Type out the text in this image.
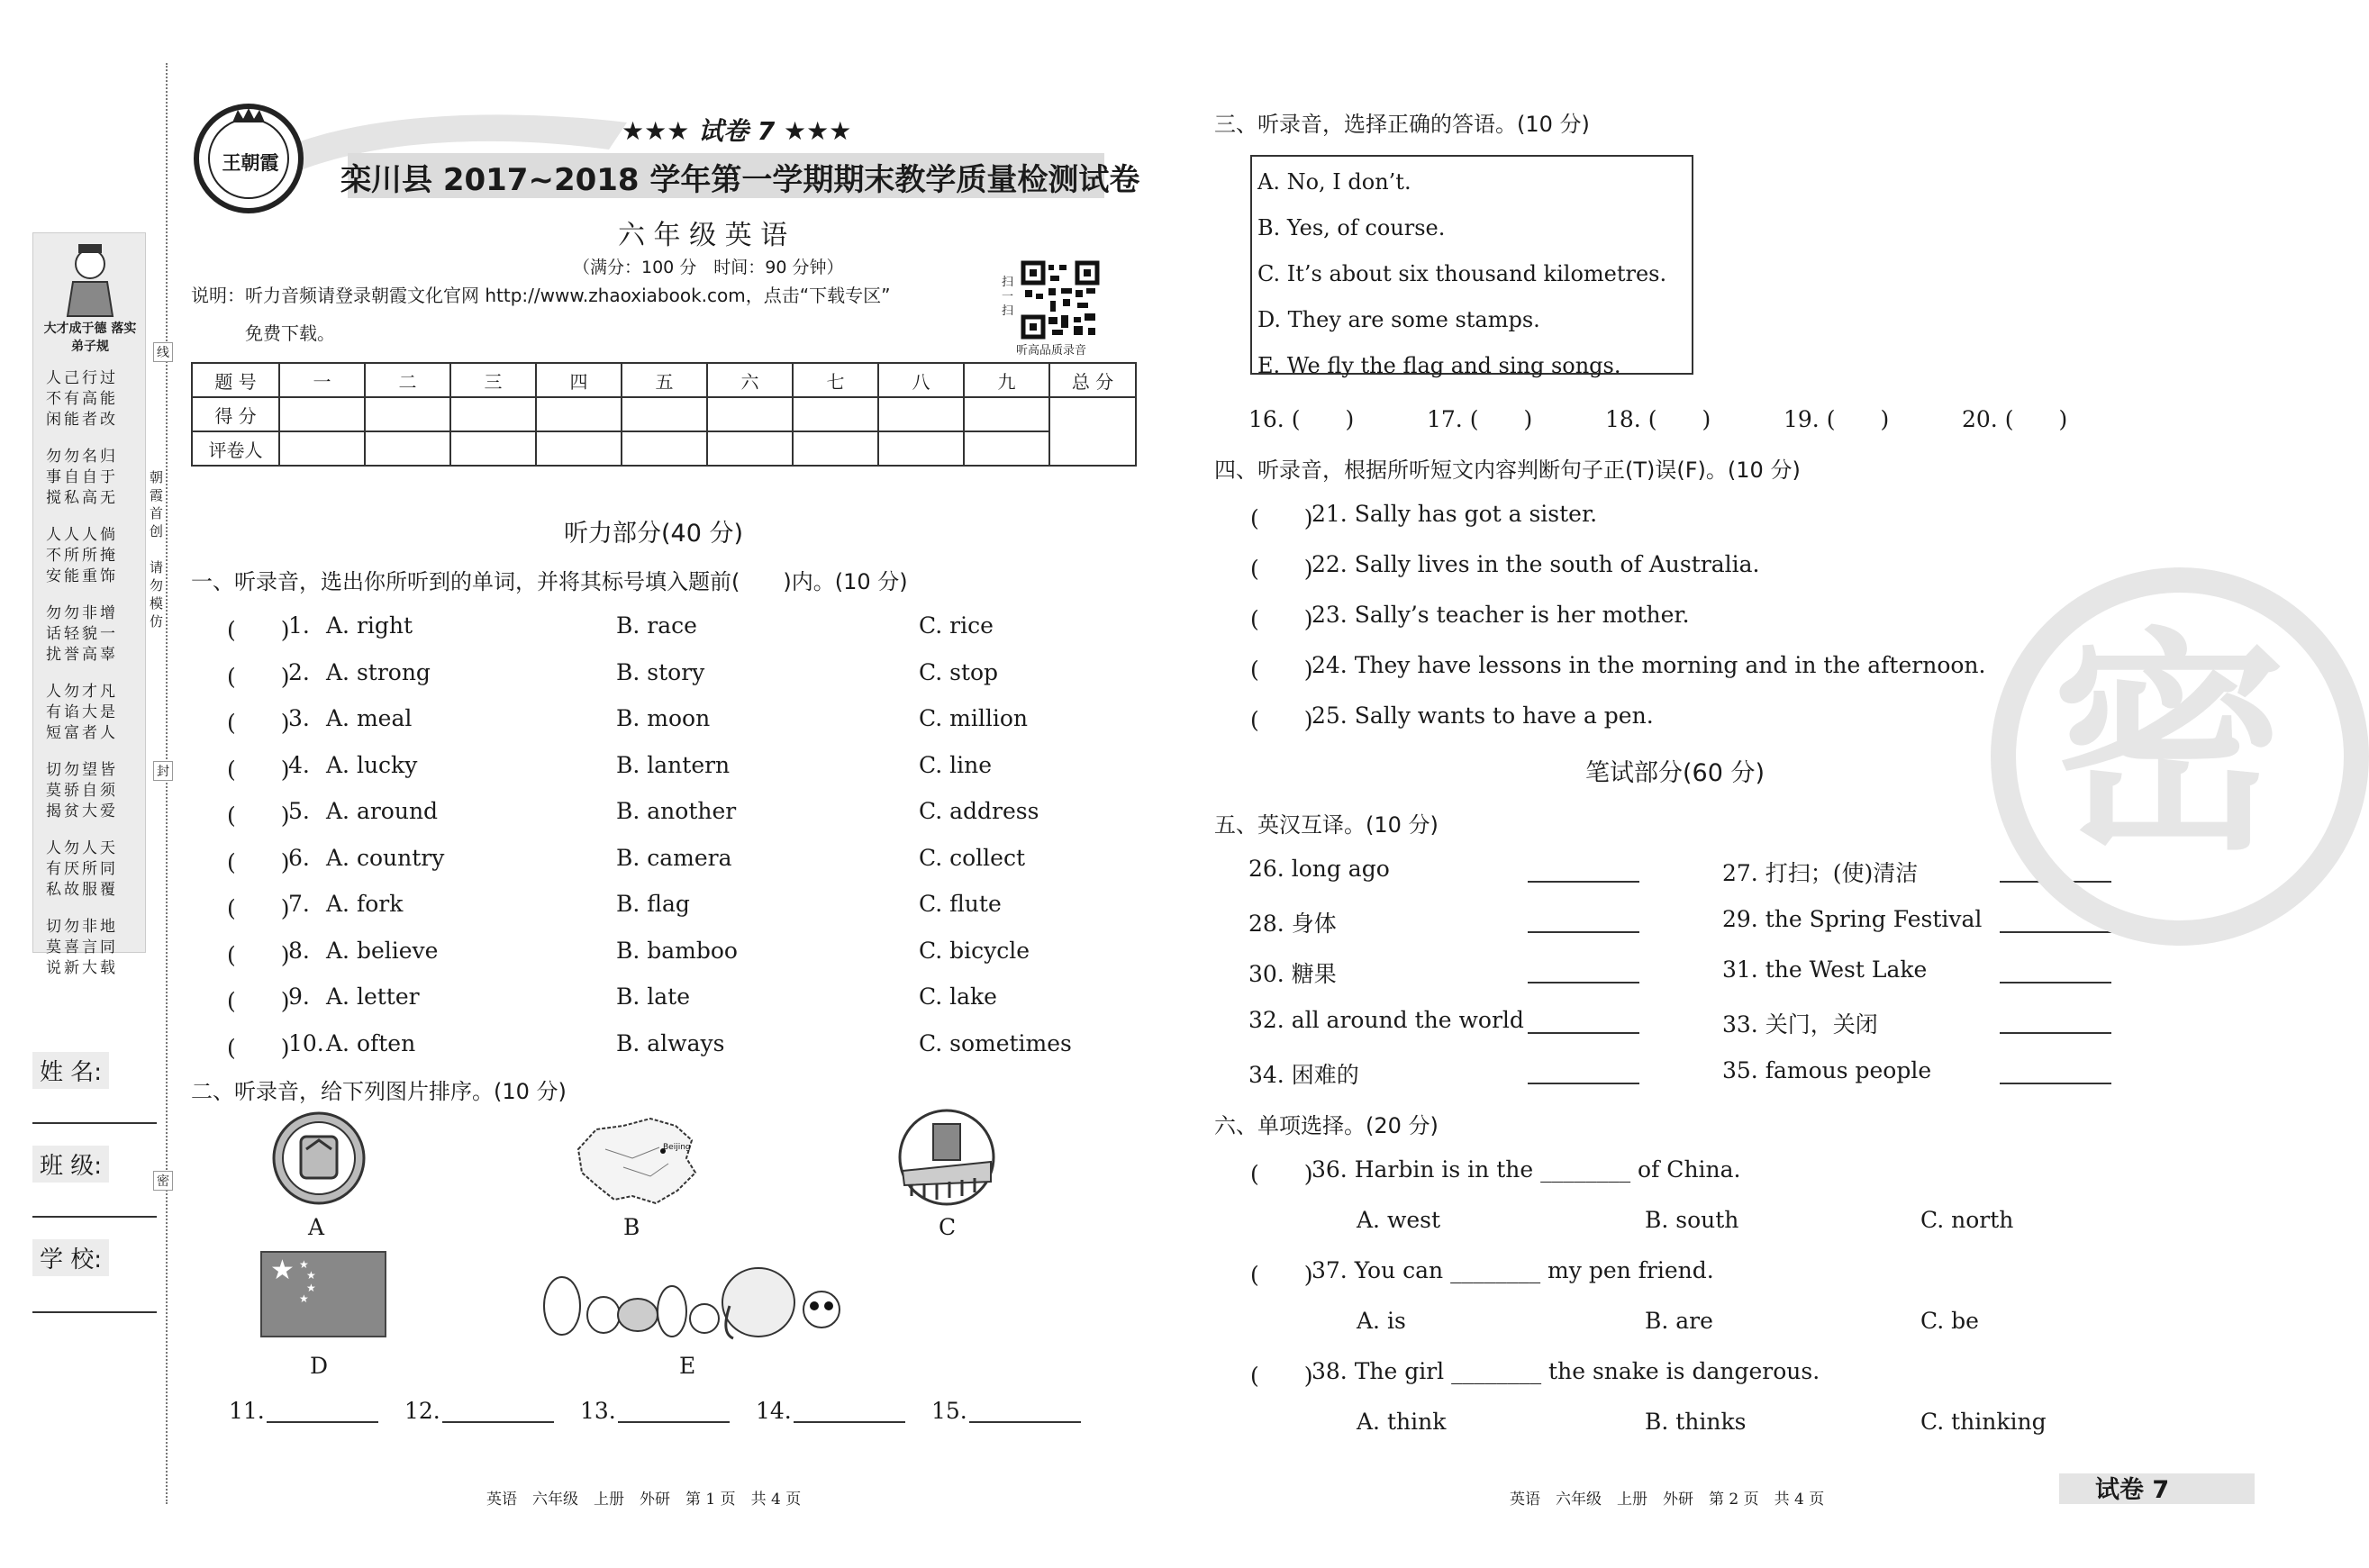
大才成于德 落实弟子规
人己行过
不有高能
闲能者改
勿勿名归
事自自于
搅私高无
人人人倘
不所所掩
安能重饰
勿勿非增
话轻貌一
扰誉高辜
人勿才凡
有谄大是
短富者人
切勿望皆
莫骄自须
揭贫大爱
人勿人天
有厌所同
私故服覆
切勿非地
莫喜言同
说新大载
线
封
密
朝霞首创
请勿模仿
姓 名:
班 级:
学 校:
王朝霞
★★★ 试卷 7 ★★★
栾川县 2017~2018 学年第一学期期末教学质量检测试卷
六 年 级 英 语
（满分：100 分　时间：90 分钟）
说明：听力音频请登录朝霞文化官网 http://www.zhaoxiabook.com，点击“下载专区”
免费下载。
扫一扫
听高品质录音
题 号	一	二	三	四	五	六	七	八	九	总 分
得 分										
评卷人										
听力部分(40 分)
一、听录音，选出你所听到的单词，并将其标号填入题前(　　)内。(10 分)
(　　)
1. A. right	B. race	C. rice
(　　)
2. A. strong	B. story	C. stop
(　　)
3. A. meal	B. moon	C. million
(　　)
4. A. lucky	B. lantern	C. line
(　　)
5. A. around	B. another	C. address
(　　)
6. A. country	B. camera	C. collect
(　　)
7. A. fork	B. flag	C. flute
(　　)
8. A. believe	B. bamboo	C. bicycle
(　　)
9. A. letter	B. late	C. lake
(　　)
10. A. often	B. always	C. sometimes
二、听录音，给下列图片排序。(10 分)
Beijing
★ ★
★
★
★
A	B	C
D	E
11.	12.	13.	14.	15.
三、听录音，选择正确的答语。(10 分)
A. No, I don’t.
B. Yes, of course.
C. It’s about six thousand kilometres.
D. They are some stamps.
E. We fly the flag and sing songs.
16. (　　)	17. (　　)	18. (　　)	19. (　　)	20. (　　)
四、听录音，根据所听短文内容判断句子正(T)误(F)。(10 分)
(　　)
21. Sally has got a sister.
(　　)
22. Sally lives in the south of Australia.
(　　)
23. Sally’s teacher is her mother.
(　　)
24. They have lessons in the morning and in the afternoon.
(　　)
25. Sally wants to have a pen.
笔试部分(60 分)
五、英汉互译。(10 分)
26. long ago	27. 打扫；(使)清洁
28. 身体	29. the Spring Festival
30. 糖果	31. the West Lake
32. all around the world	33. 关门，关闭
34. 困难的	35. famous people
六、单项选择。(20 分)
(　　)
36. Harbin is in the ________ of China.
A. west	B. south	C. north
(　　)
37. You can ________ my pen friend.
A. is	B. are	C. be
(　　)
38. The girl ________ the snake is dangerous.
A. think	B. thinks	C. thinking
密
英语　六年级　上册　外研　第 1 页　共 4 页	英语　六年级　上册　外研　第 2 页　共 4 页	试卷 7
